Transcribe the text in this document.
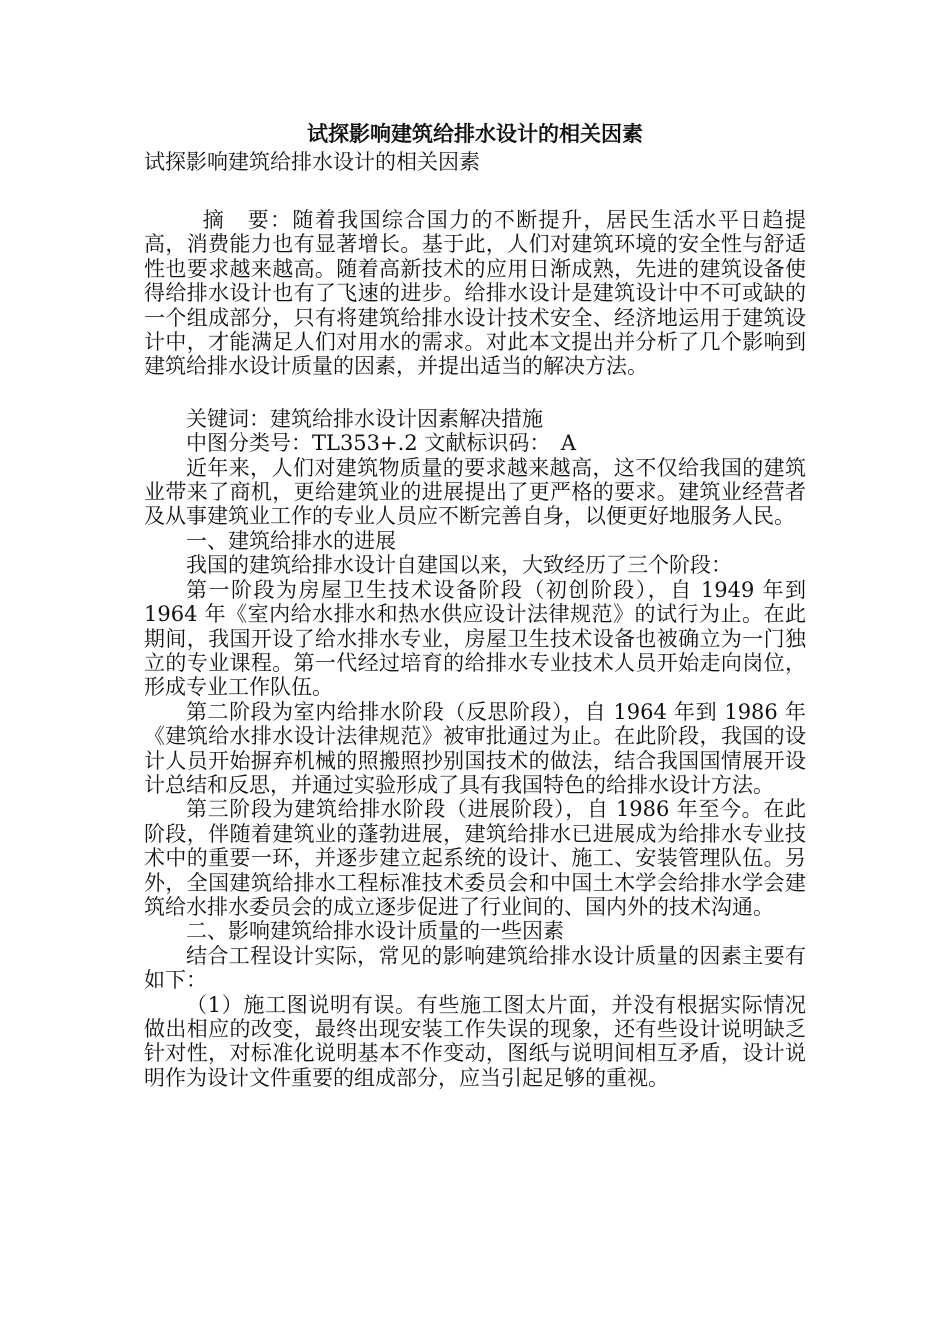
试探影响建筑给排水设计的相关因素

试探影响建筑给排水设计的相关因素

摘　要：随着我国综合国力的不断提升，居民生活水平日趋提高，消费能力也有显著增长。基于此，人们对建筑环境的安全性与舒适性也要求越来越高。随着高新技术的应用日渐成熟，先进的建筑设备使得给排水设计也有了飞速的进步。给排水设计是建筑设计中不可或缺的一个组成部分，只有将建筑给排水设计技术安全、经济地运用于建筑设计中，才能满足人们对用水的需求。对此本文提出并分析了几个影响到建筑给排水设计质量的因素，并提出适当的解决方法。

关键词：建筑给排水设计因素解决措施

中图分类号：TL353+.2 文献标识码：　A

近年来，人们对建筑物质量的要求越来越高，这不仅给我国的建筑业带来了商机，更给建筑业的进展提出了更严格的要求。建筑业经营者及从事建筑业工作的专业人员应不断完善自身，以便更好地服务人民。

一、建筑给排水的进展

我国的建筑给排水设计自建国以来，大致经历了三个阶段：

第一阶段为房屋卫生技术设备阶段（初创阶段），自 1949 年到 1964 年《室内给水排水和热水供应设计法律规范》的试行为止。在此期间，我国开设了给水排水专业，房屋卫生技术设备也被确立为一门独立的专业课程。第一代经过培育的给排水专业技术人员开始走向岗位，形成专业工作队伍。

第二阶段为室内给排水阶段（反思阶段），自 1964 年到 1986 年《建筑给水排水设计法律规范》被审批通过为止。在此阶段，我国的设计人员开始摒弃机械的照搬照抄别国技术的做法，结合我国国情展开设计总结和反思，并通过实验形成了具有我国特色的给排水设计方法。

第三阶段为建筑给排水阶段（进展阶段），自 1986 年至今。在此阶段，伴随着建筑业的蓬勃进展，建筑给排水已进展成为给排水专业技术中的重要一环，并逐步建立起系统的设计、施工、安装管理队伍。另外，全国建筑给排水工程标准技术委员会和中国土木学会给排水学会建筑给水排水委员会的成立逐步促进了行业间的、国内外的技术沟通。

二、影响建筑给排水设计质量的一些因素

结合工程设计实际，常见的影响建筑给排水设计质量的因素主要有如下：

（1）施工图说明有误。有些施工图太片面，并没有根据实际情况做出相应的改变，最终出现安装工作失误的现象，还有些设计说明缺乏针对性，对标准化说明基本不作变动，图纸与说明间相互矛盾，设计说明作为设计文件重要的组成部分，应当引起足够的重视。
